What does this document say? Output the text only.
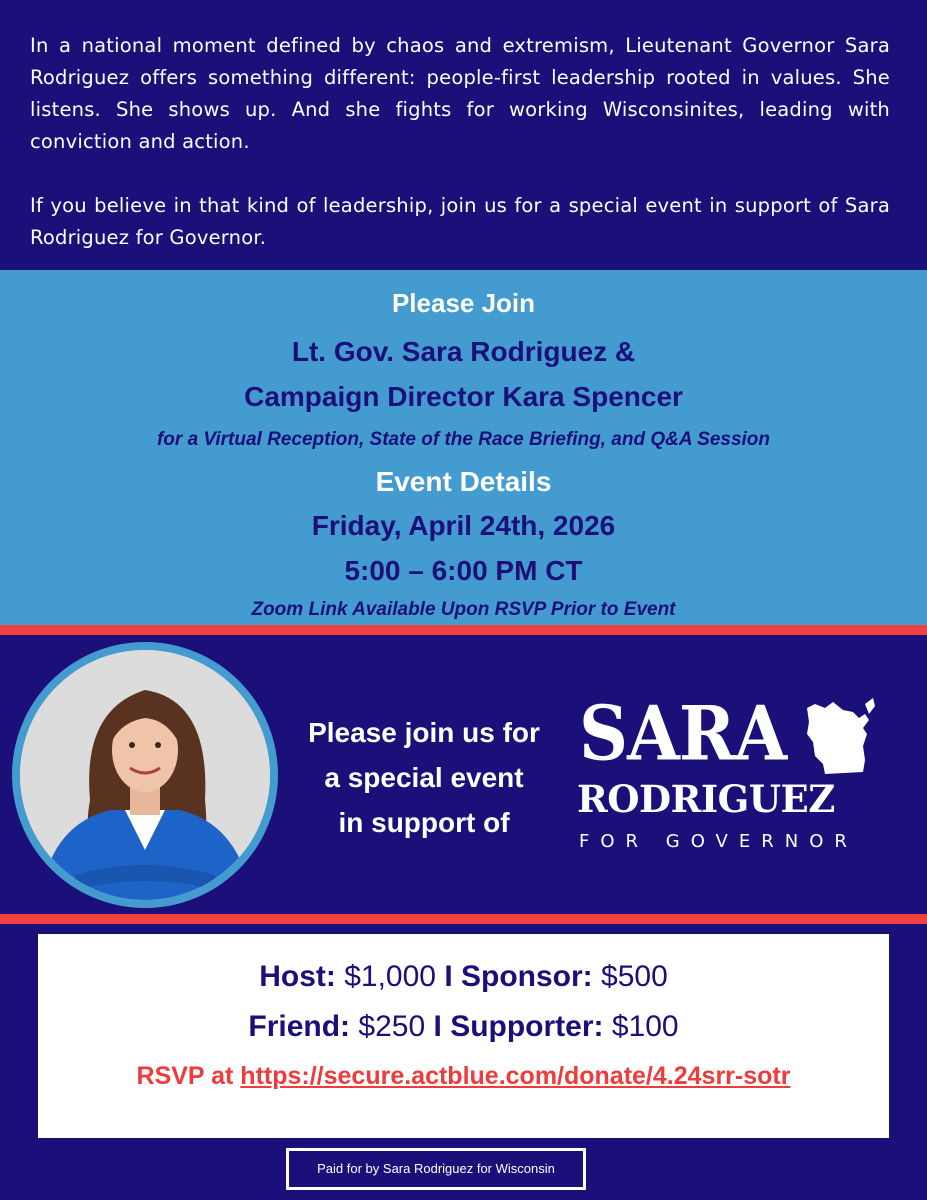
In a national moment defined by chaos and extremism, Lieutenant Governor Sara Rodriguez offers something different: people-first leadership rooted in values. She listens. She shows up. And she fights for working Wisconsinites, leading with conviction and action.

If you believe in that kind of leadership, join us for a special event in support of Sara Rodriguez for Governor.

Please Join

Lt. Gov. Sara Rodriguez &

Campaign Director Kara Spencer

for a Virtual Reception, State of the Race Briefing, and Q&A Session

Event Details

Friday, April 24th, 2026

5:00 – 6:00 PM CT

Zoom Link Available Upon RSVP Prior to Event

Please join us for
a special event
in support of
SARA
RODRIGUEZ
FOR GOVERNOR

Host: $1,000 I Sponsor: $500

Friend: $250 I Supporter: $100

RSVP at https://secure.actblue.com/donate/4.24srr-sotr

Paid for by Sara Rodriguez for Wisconsin
